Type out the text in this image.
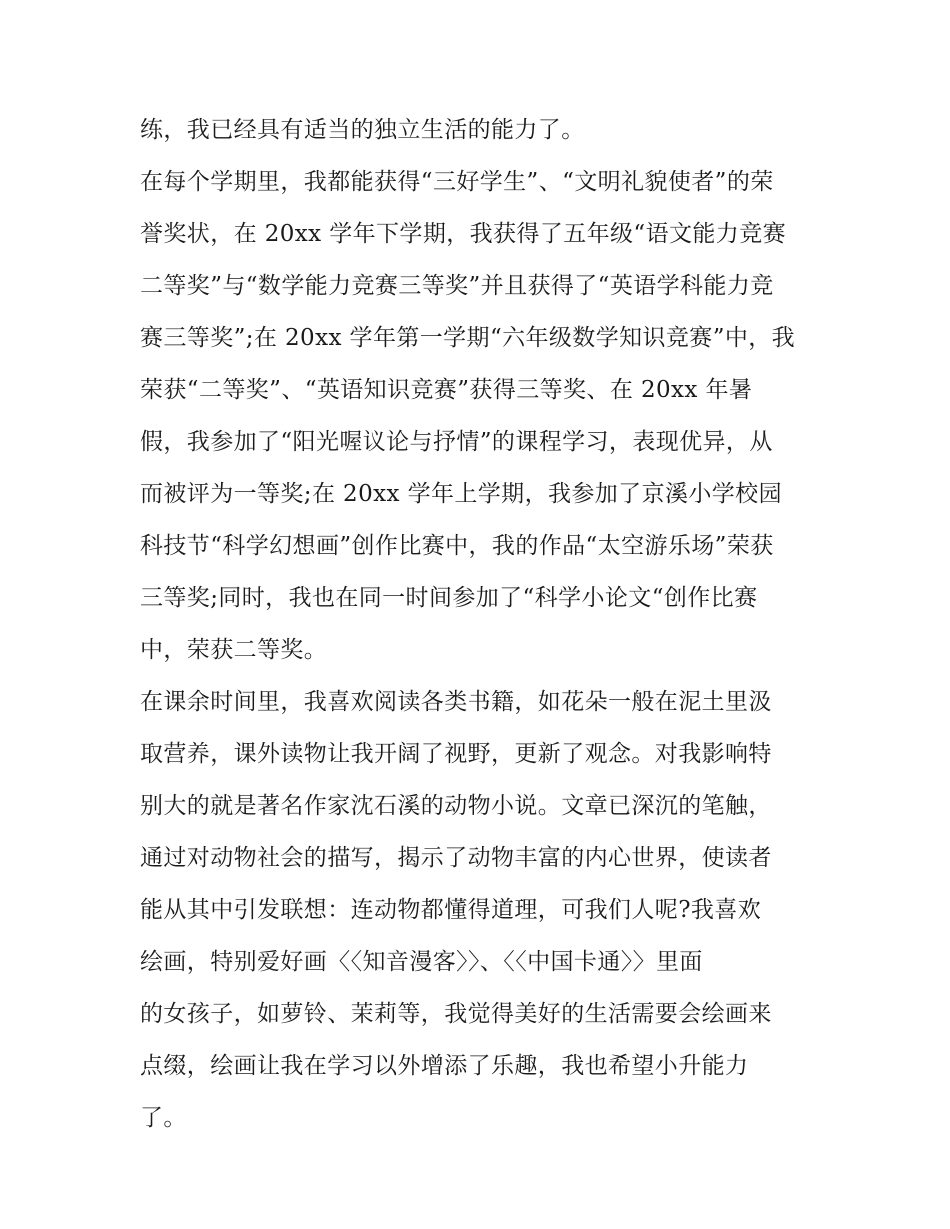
练，我已经具有适当的独立生活的能力了。
在每个学期里，我都能获得“三好学生”、“文明礼貌使者”的荣
誉奖状，在 20xx 学年下学期，我获得了五年级“语文能力竞赛
二等奖”与“数学能力竞赛三等奖”并且获得了“英语学科能力竞
赛三等奖”;在 20xx 学年第一学期“六年级数学知识竞赛”中，我
荣获“二等奖”、“英语知识竞赛”获得三等奖、在 20xx 年暑
假，我参加了“阳光喔议论与抒情”的课程学习，表现优异，从
而被评为一等奖;在 20xx 学年上学期，我参加了京溪小学校园
科技节“科学幻想画”创作比赛中，我的作品“太空游乐场”荣获
三等奖;同时，我也在同一时间参加了“科学小论文“创作比赛
中，荣获二等奖。
在课余时间里，我喜欢阅读各类书籍，如花朵一般在泥土里汲
取营养，课外读物让我开阔了视野，更新了观念。对我影响特
别大的就是著名作家沈石溪的动物小说。文章已深沉的笔触，
通过对动物社会的描写，揭示了动物丰富的内心世界，使读者
能从其中引发联想：连动物都懂得道理，可我们人呢?我喜欢
绘画，特别爱好画〈〈知音漫客〉〉、〈〈中国卡通〉〉里面
的女孩子，如萝铃、茉莉等，我觉得美好的生活需要会绘画来
点缀，绘画让我在学习以外增添了乐趣，我也希望小升能力
了。
